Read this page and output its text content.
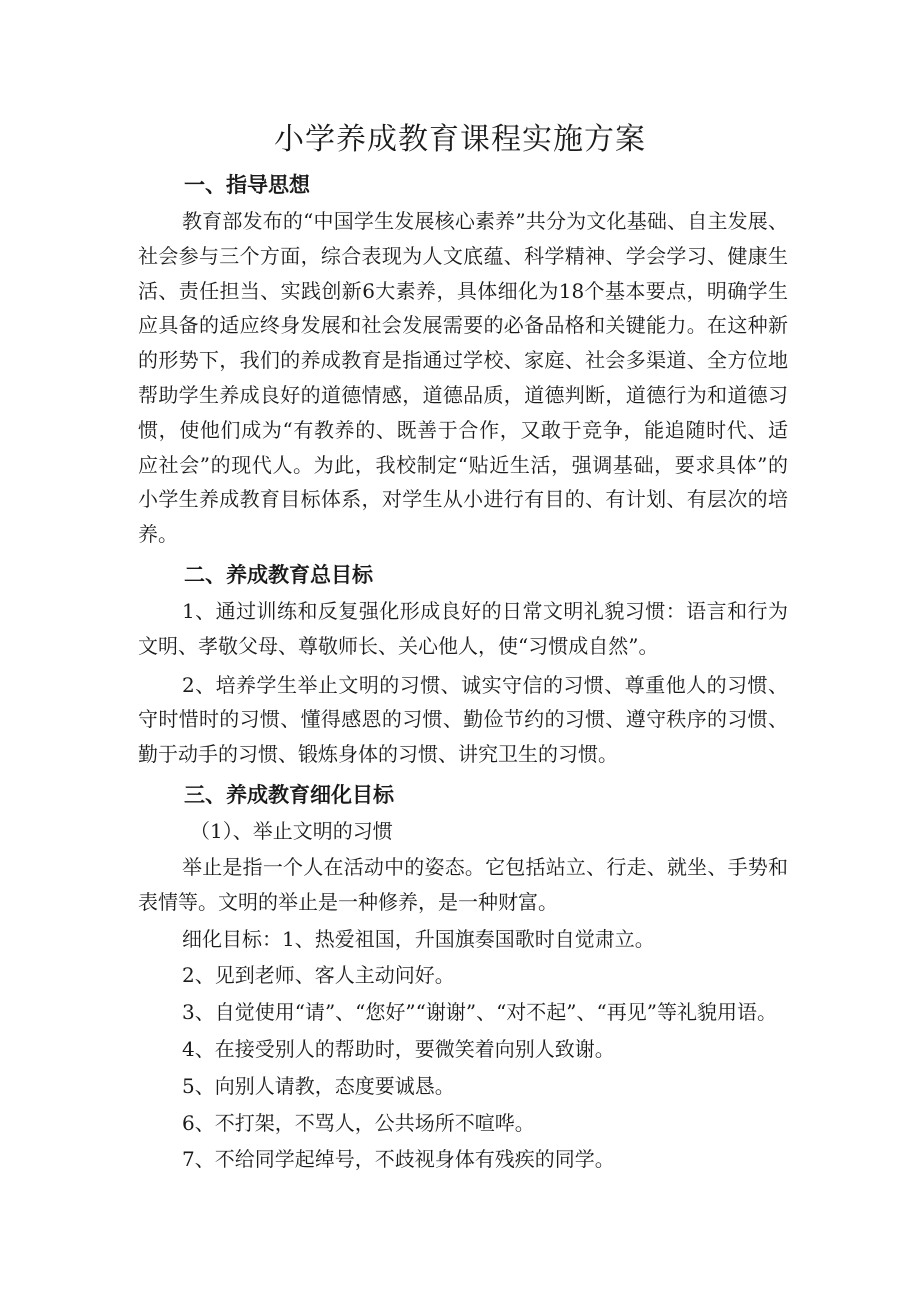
小学养成教育课程实施方案
一、指导思想

教育部发布的“中国学生发展核心素养”共分为文化基础、自主发展、社会参与三个方面，综合表现为人文底蕴、科学精神、学会学习、健康生活、责任担当、实践创新6大素养，具体细化为18个基本要点，明确学生应具备的适应终身发展和社会发展需要的必备品格和关键能力。在这种新的形势下，我们的养成教育是指通过学校、家庭、社会多渠道、全方位地帮助学生养成良好的道德情感，道德品质，道德判断，道德行为和道德习惯，使他们成为“有教养的、既善于合作，又敢于竞争，能追随时代、适应社会”的现代人。为此，我校制定“贴近生活，强调基础，要求具体”的小学生养成教育目标体系，对学生从小进行有目的、有计划、有层次的培养。

二、养成教育总目标

1、通过训练和反复强化形成良好的日常文明礼貌习惯：语言和行为文明、孝敬父母、尊敬师长、关心他人，使“习惯成自然”。

2、培养学生举止文明的习惯、诚实守信的习惯、尊重他人的习惯、守时惜时的习惯、懂得感恩的习惯、勤俭节约的习惯、遵守秩序的习惯、勤于动手的习惯、锻炼身体的习惯、讲究卫生的习惯。

三、养成教育细化目标
（1）、举止文明的习惯

举止是指一个人在活动中的姿态。它包括站立、行走、就坐、手势和表情等。文明的举止是一种修养，是一种财富。

细化目标：1、热爱祖国，升国旗奏国歌时自觉肃立。

2、见到老师、客人主动问好。

3、自觉使用“请”、“您好”“谢谢”、“对不起”、“再见”等礼貌用语。

4、在接受别人的帮助时，要微笑着向别人致谢。

5、向别人请教，态度要诚恳。

6、不打架，不骂人，公共场所不喧哗。

7、不给同学起绰号，不歧视身体有残疾的同学。
